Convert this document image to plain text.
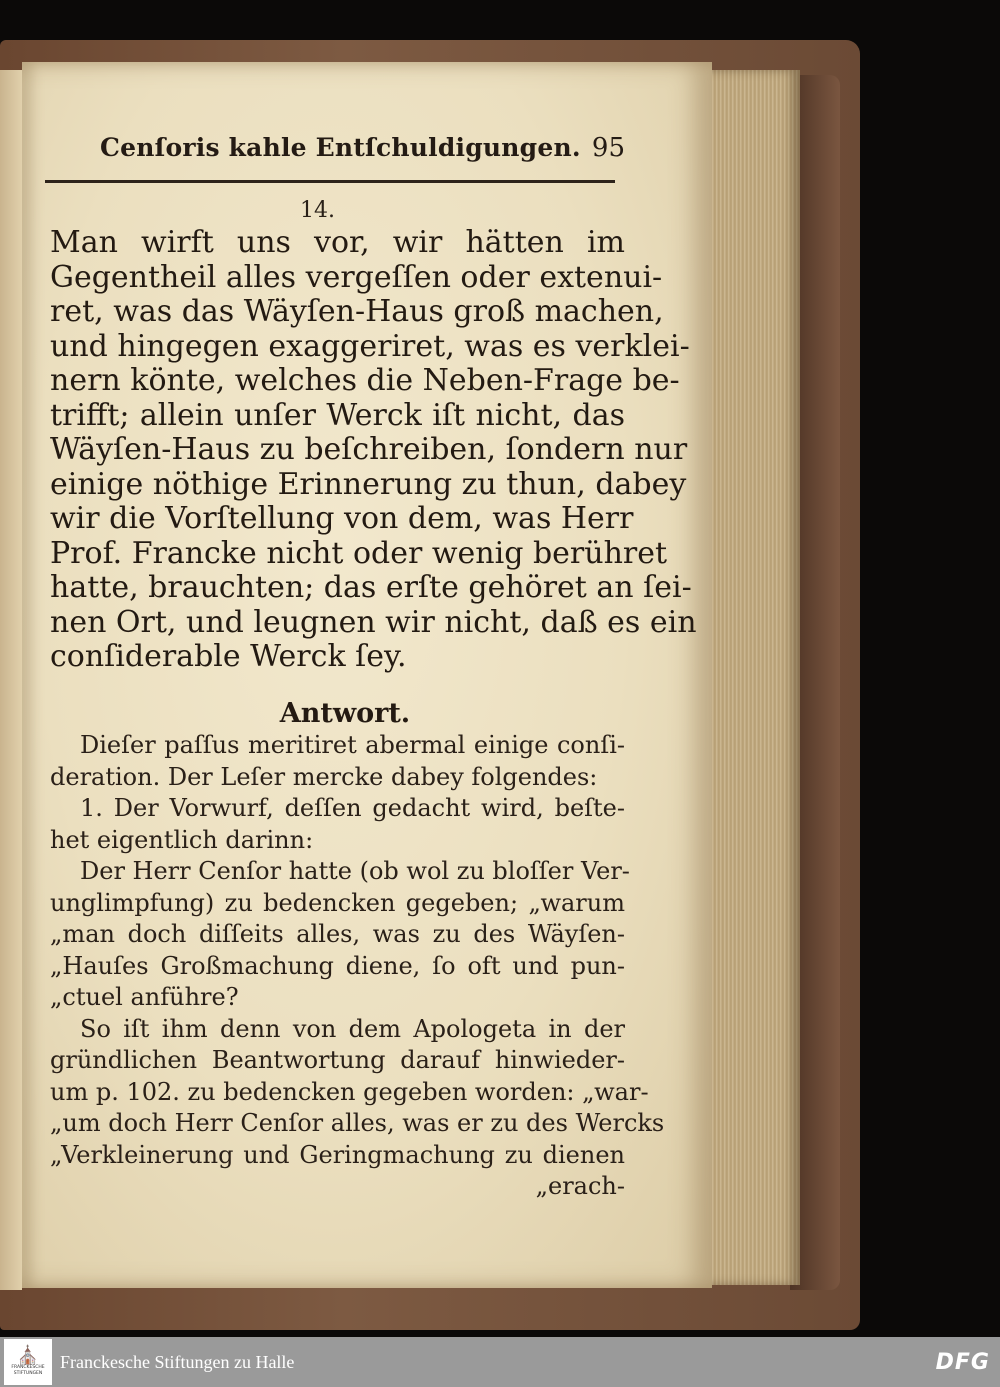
Cenſoris kahle Entſchuldigungen. 95
14.
Man wirft uns vor, wir hätten im
Gegentheil alles vergeſſen oder extenui-
ret, was das Wäyſen-Haus groß machen,
und hingegen exaggeriret, was es verklei-
nern könte, welches die Neben-Frage be-
trifft; allein unſer Werck iſt nicht, das
Wäyſen-Haus zu beſchreiben, ſondern nur
einige nöthige Erinnerung zu thun, dabey
wir die Vorſtellung von dem, was Herr
Prof. Francke nicht oder wenig berühret
hatte, brauchten; das erſte gehöret an ſei-
nen Ort, und leugnen wir nicht, daß es ein
conſiderable Werck ſey.
Antwort.
Dieſer paſſus meritiret abermal einige conſi-
deration. Der Leſer mercke dabey folgendes:
1. Der Vorwurf, deſſen gedacht wird, beſte-
het eigentlich darinn:
Der Herr Cenſor hatte (ob wol zu bloſſer Ver-
unglimpfung) zu bedencken gegeben; „warum
„man doch diſſeits alles, was zu des Wäyſen-
„Hauſes Großmachung diene, ſo oft und pun-
„ctuel anführe?
So iſt ihm denn von dem Apologeta in der
gründlichen Beantwortung darauf hinwieder-
um p. 102. zu bedencken gegeben worden: „war-
„um doch Herr Cenſor alles, was er zu des Wercks
„Verkleinerung und Geringmachung zu dienen
„erach-
⛪
FRANCKESCHE
STIFTUNGEN
Franckesche Stiftungen zu Halle	DFG
